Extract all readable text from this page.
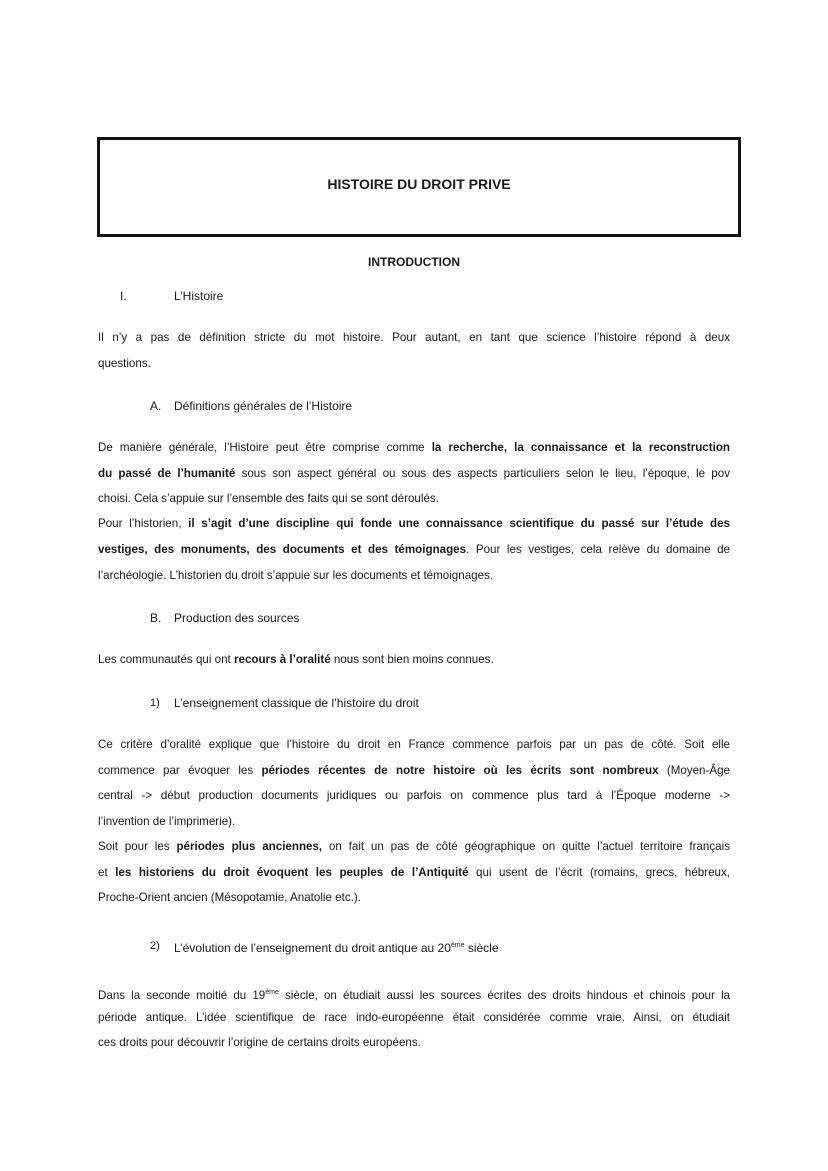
HISTOIRE DU DROIT PRIVE
INTRODUCTION
I.	L’Histoire
A. Définitions générales de l’Histoire
B. Production des sources
1) L’enseignement classique de l’histoire du droit
2) L’évolution de l’enseignement du droit antique au 20ème siècle
Il n’y a pas de définition stricte du mot histoire. Pour autant, en tant que science l’histoire répond à deux
questions.
De manière générale, l’Histoire peut être comprise comme la recherche, la connaissance et la reconstruction
du passé de l’humanité sous son aspect général ou sous des aspects particuliers selon le lieu, l’époque, le pov
choisi. Cela s’appuie sur l’ensemble des faits qui se sont déroulés.
Pour l’historien, il s’agit d’une discipline qui fonde une connaissance scientifique du passé sur l’étude des
vestiges, des monuments, des documents et des témoignages. Pour les vestiges, cela relève du domaine de
l’archéologie. L’historien du droit s’appuie sur les documents et témoignages.
Les communautés qui ont recours à l’oralité nous sont bien moins connues.
Ce critère d’oralité explique que l’histoire du droit en France commence parfois par un pas de côté. Soit elle
commence par évoquer les périodes récentes de notre histoire où les écrits sont nombreux (Moyen-Âge
central -> début production documents juridiques ou parfois on commence plus tard à l’Époque moderne ->
l’invention de l’imprimerie).
Soit pour les périodes plus anciennes, on fait un pas de côté géographique on quitte l’actuel territoire français
et les historiens du droit évoquent les peuples de l’Antiquité qui usent de l’écrit (romains, grecs, hébreux,
Proche-Orient ancien (Mésopotamie, Anatolie etc.).
Dans la seconde moitié du 19ème siècle, on étudiait aussi les sources écrites des droits hindous et chinois pour la
période antique. L’idée scientifique de race indo-européenne était considérée comme vraie. Ainsi, on étudiait
ces droits pour découvrir l’origine de certains droits européens.
